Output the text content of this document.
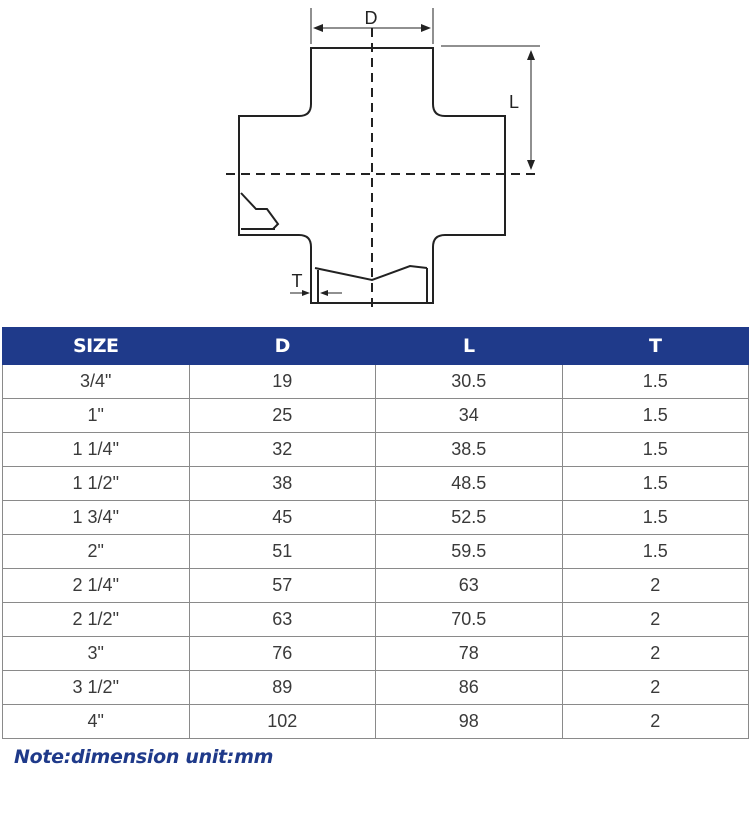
D
L
T
SIZE	D	L	T
3/4"	19	30.5	1.5
1"	25	34	1.5
1 1/4"	32	38.5	1.5
1 1/2"	38	48.5	1.5
1 3/4"	45	52.5	1.5
2"	51	59.5	1.5
2 1/4"	57	63	2
2 1/2"	63	70.5	2
3"	76	78	2
3 1/2"	89	86	2
4"	102	98	2
Note:dimension unit:mm
